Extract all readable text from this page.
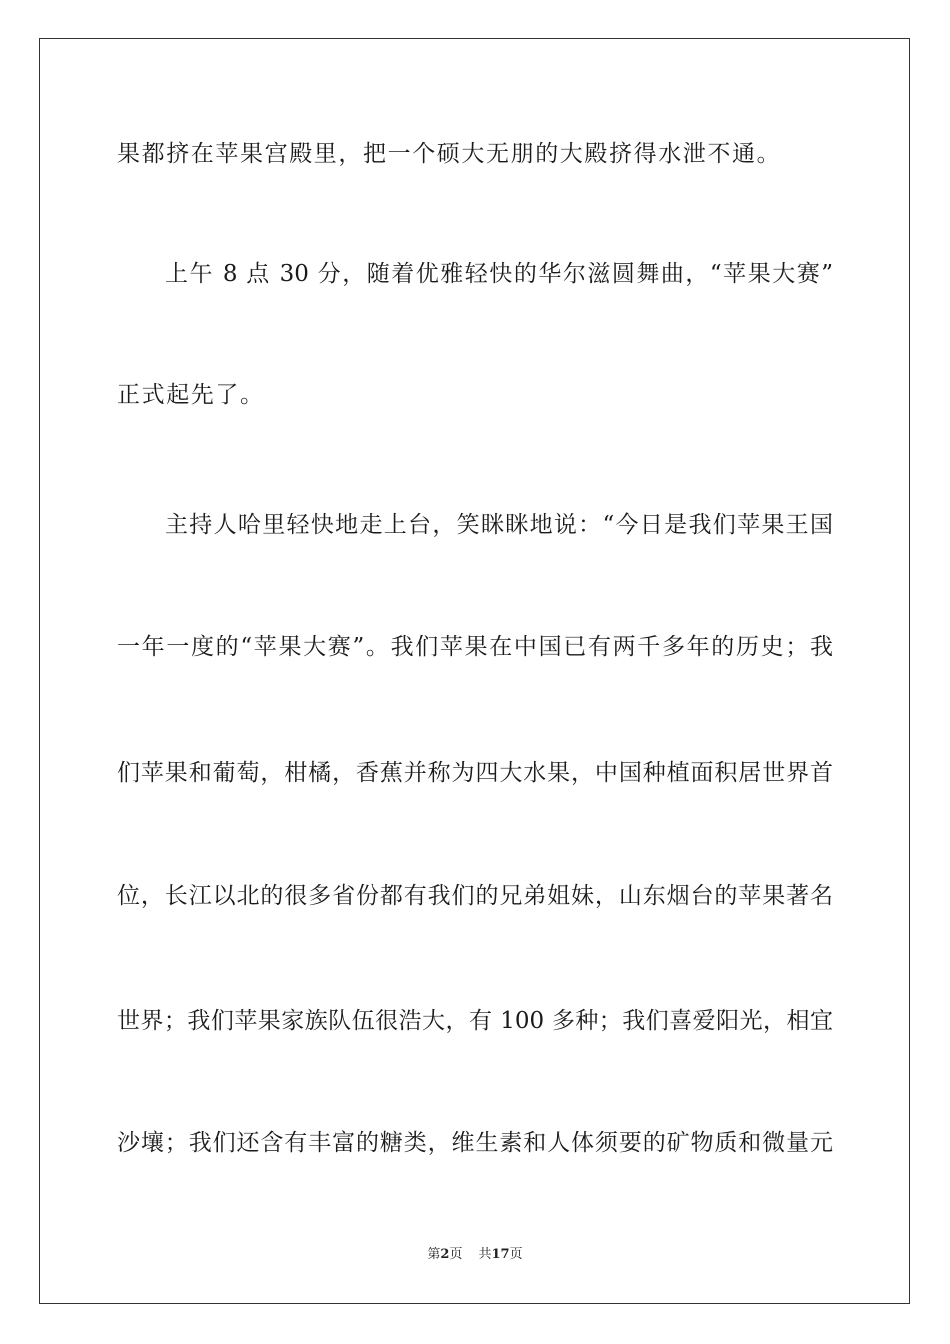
果都挤在苹果宫殿里，把一个硕大无朋的大殿挤得水泄不通。
上午 8 点 30 分，随着优雅轻快的华尔滋圆舞曲，“苹果大赛”
正式起先了。
主持人哈里轻快地走上台，笑眯眯地说：“今日是我们苹果王国
一年一度的“苹果大赛”。我们苹果在中国已有两千多年的历史；我
们苹果和葡萄，柑橘，香蕉并称为四大水果，中国种植面积居世界首
位，长江以北的很多省份都有我们的兄弟姐妹，山东烟台的苹果著名
世界；我们苹果家族队伍很浩大，有 100 多种；我们喜爱阳光，相宜
沙壤；我们还含有丰富的糖类，维生素和人体须要的矿物质和微量元
第2页 共17页
